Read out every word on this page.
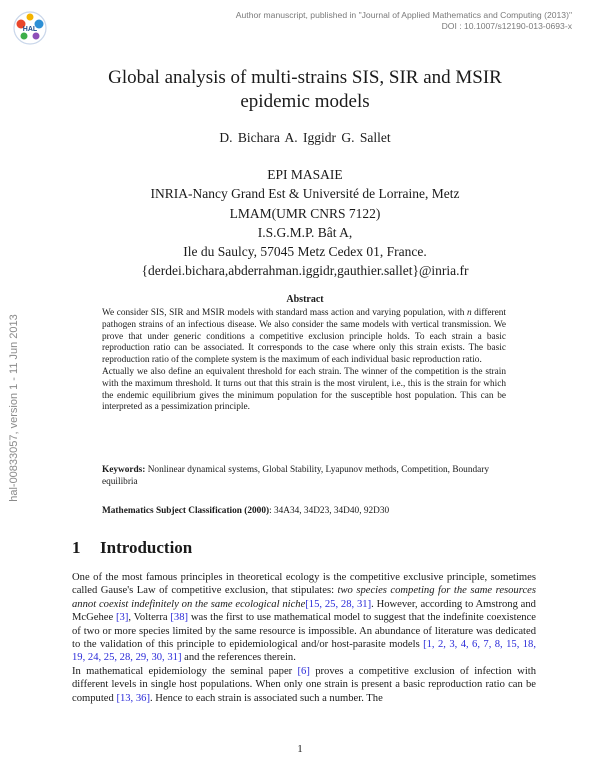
HAL
Author manuscript, published in "Journal of Applied Mathematics and Computing (2013)"
DOI : 10.1007/s12190-013-0693-x
hal-00833057, version 1 - 11 Jun 2013
Global analysis of multi-strains SIS, SIR and MSIR
epidemic models
D. Bichara A. Iggidr G. Sallet
EPI MASAIE
INRIA-Nancy Grand Est & Université de Lorraine, Metz
LMAM(UMR CNRS 7122)
I.S.G.M.P. Bât A,
Ile du Saulcy, 57045 Metz Cedex 01, France.
{derdei.bichara,abderrahman.iggidr,gauthier.sallet}@inria.fr
Abstract

We consider SIS, SIR and MSIR models with standard mass action and varying population, with n different pathogen strains of an infectious disease. We also consider the same models with vertical transmission. We prove that under generic conditions a competitive exclusion principle holds. To each strain a basic reproduction ratio can be associated. It corresponds to the case where only this strain exists. The basic reproduction ratio of the complete system is the maximum of each individual basic reproduction ratio.

Actually we also define an equivalent threshold for each strain. The winner of the competition is the strain with the maximum threshold. It turns out that this strain is the most virulent, i.e., this is the strain for which the endemic equilibrium gives the minimum population for the susceptible host population. This can be interpreted as a pessimization principle.

Keywords: Nonlinear dynamical systems, Global Stability, Lyapunov methods, Competition, Boundary equilibria
Mathematics Subject Classification (2000): 34A34, 34D23, 34D40, 92D30
1 Introduction

One of the most famous principles in theoretical ecology is the competitive exclusive principle, sometimes called Gause's Law of competitive exclusion, that stipulates: two species competing for the same resources annot coexist indefinitely on the same ecological niche[15, 25, 28, 31]. However, according to Amstrong and McGehee [3], Volterra [38] was the first to use mathematical model to suggest that the indefinite coexistence of two or more species limited by the same resource is impossible. An abundance of literature was dedicated to the validation of this principle to epidemiological and/or host-parasite models [1, 2, 3, 4, 6, 7, 8, 15, 18, 19, 24, 25, 28, 29, 30, 31] and the references therein.

In mathematical epidemiology the seminal paper [6] proves a competitive exclusion of infection with different levels in single host populations. When only one strain is present a basic reproduction ratio can be computed [13, 36]. Hence to each strain is associated such a number. The

1
